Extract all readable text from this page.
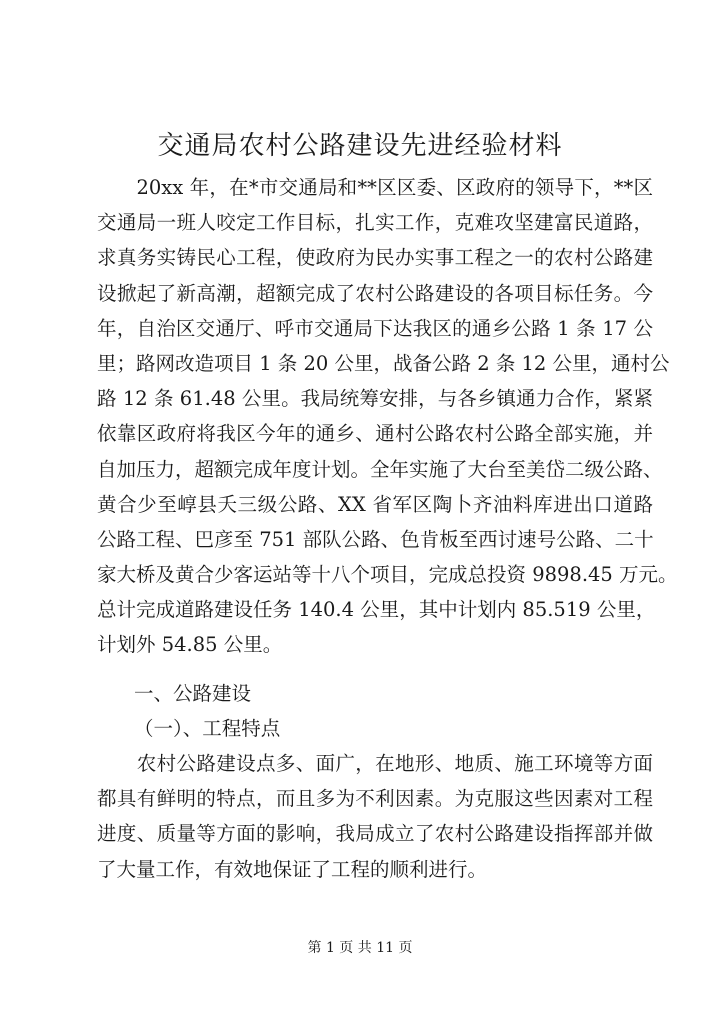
交通局农村公路建设先进经验材料
　　20xx 年，在*市交通局和**区区委、区政府的领导下，**区
交通局一班人咬定工作目标，扎实工作，克难攻坚建富民道路，
求真务实铸民心工程，使政府为民办实事工程之一的农村公路建
设掀起了新高潮，超额完成了农村公路建设的各项目标任务。今
年，自治区交通厅、呼市交通局下达我区的通乡公路 1 条 17 公
里；路网改造项目 1 条 20 公里，战备公路 2 条 12 公里，通村公
路 12 条 61.48 公里。我局统筹安排，与各乡镇通力合作，紧紧
依靠区政府将我区今年的通乡、通村公路农村公路全部实施，并
自加压力，超额完成年度计划。全年实施了大台至美岱二级公路、
黄合少至崞县夭三级公路、XX 省军区陶卜齐油料库进出口道路
公路工程、巴彦至 751 部队公路、色肯板至西讨速号公路、二十
家大桥及黄合少客运站等十八个项目，完成总投资 9898.45 万元。
总计完成道路建设任务 140.4 公里，其中计划内 85.519 公里，
计划外 54.85 公里。
一、公路建设
（一）、工程特点
　　农村公路建设点多、面广，在地形、地质、施工环境等方面
都具有鲜明的特点，而且多为不利因素。为克服这些因素对工程
进度、质量等方面的影响，我局成立了农村公路建设指挥部并做
了大量工作，有效地保证了工程的顺利进行。
第 1 页 共 11 页
